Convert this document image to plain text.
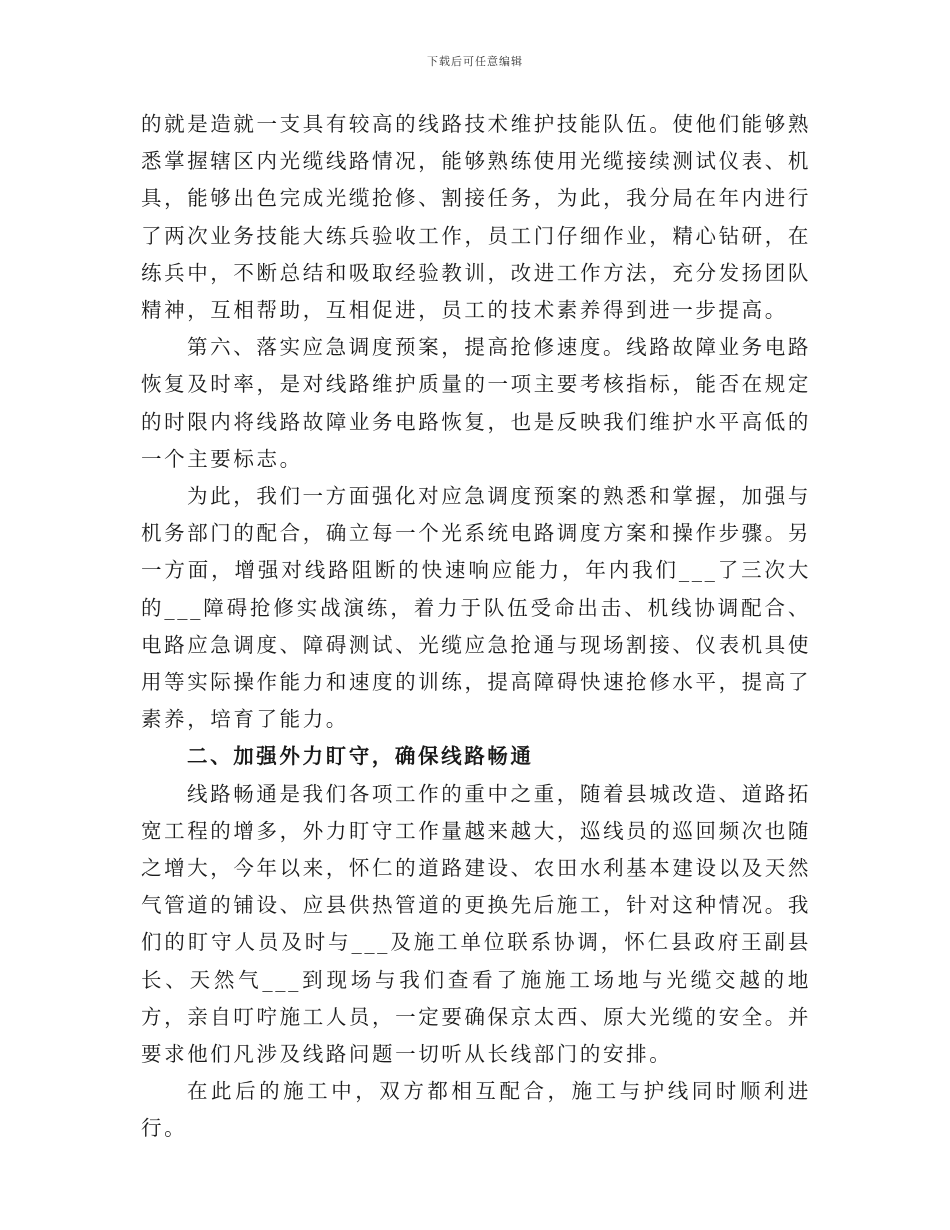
下载后可任意编辑

的就是造就一支具有较高的线路技术维护技能队伍。使他们能够熟悉掌握辖区内光缆线路情况，能够熟练使用光缆接续测试仪表、机具，能够出色完成光缆抢修、割接任务，为此，我分局在年内进行了两次业务技能大练兵验收工作，员工门仔细作业，精心钻研，在练兵中，不断总结和吸取经验教训，改进工作方法，充分发扬团队精神，互相帮助，互相促进，员工的技术素养得到进一步提高。

第六、落实应急调度预案，提高抢修速度。线路故障业务电路恢复及时率，是对线路维护质量的一项主要考核指标，能否在规定的时限内将线路故障业务电路恢复，也是反映我们维护水平高低的一个主要标志。

为此，我们一方面强化对应急调度预案的熟悉和掌握，加强与机务部门的配合，确立每一个光系统电路调度方案和操作步骤。另一方面，增强对线路阻断的快速响应能力，年内我们___了三次大的___障碍抢修实战演练，着力于队伍受命出击、机线协调配合、电路应急调度、障碍测试、光缆应急抢通与现场割接、仪表机具使用等实际操作能力和速度的训练，提高障碍快速抢修水平，提高了素养，培育了能力。

二、加强外力盯守，确保线路畅通

线路畅通是我们各项工作的重中之重，随着县城改造、道路拓宽工程的增多，外力盯守工作量越来越大，巡线员的巡回频次也随之增大，今年以来，怀仁的道路建设、农田水利基本建设以及天然气管道的铺设、应县供热管道的更换先后施工，针对这种情况。我们的盯守人员及时与___及施工单位联系协调，怀仁县政府王副县长、天然气___到现场与我们查看了施施工场地与光缆交越的地方，亲自叮咛施工人员，一定要确保京太西、原大光缆的安全。并要求他们凡涉及线路问题一切听从长线部门的安排。

在此后的施工中，双方都相互配合，施工与护线同时顺利进行。
